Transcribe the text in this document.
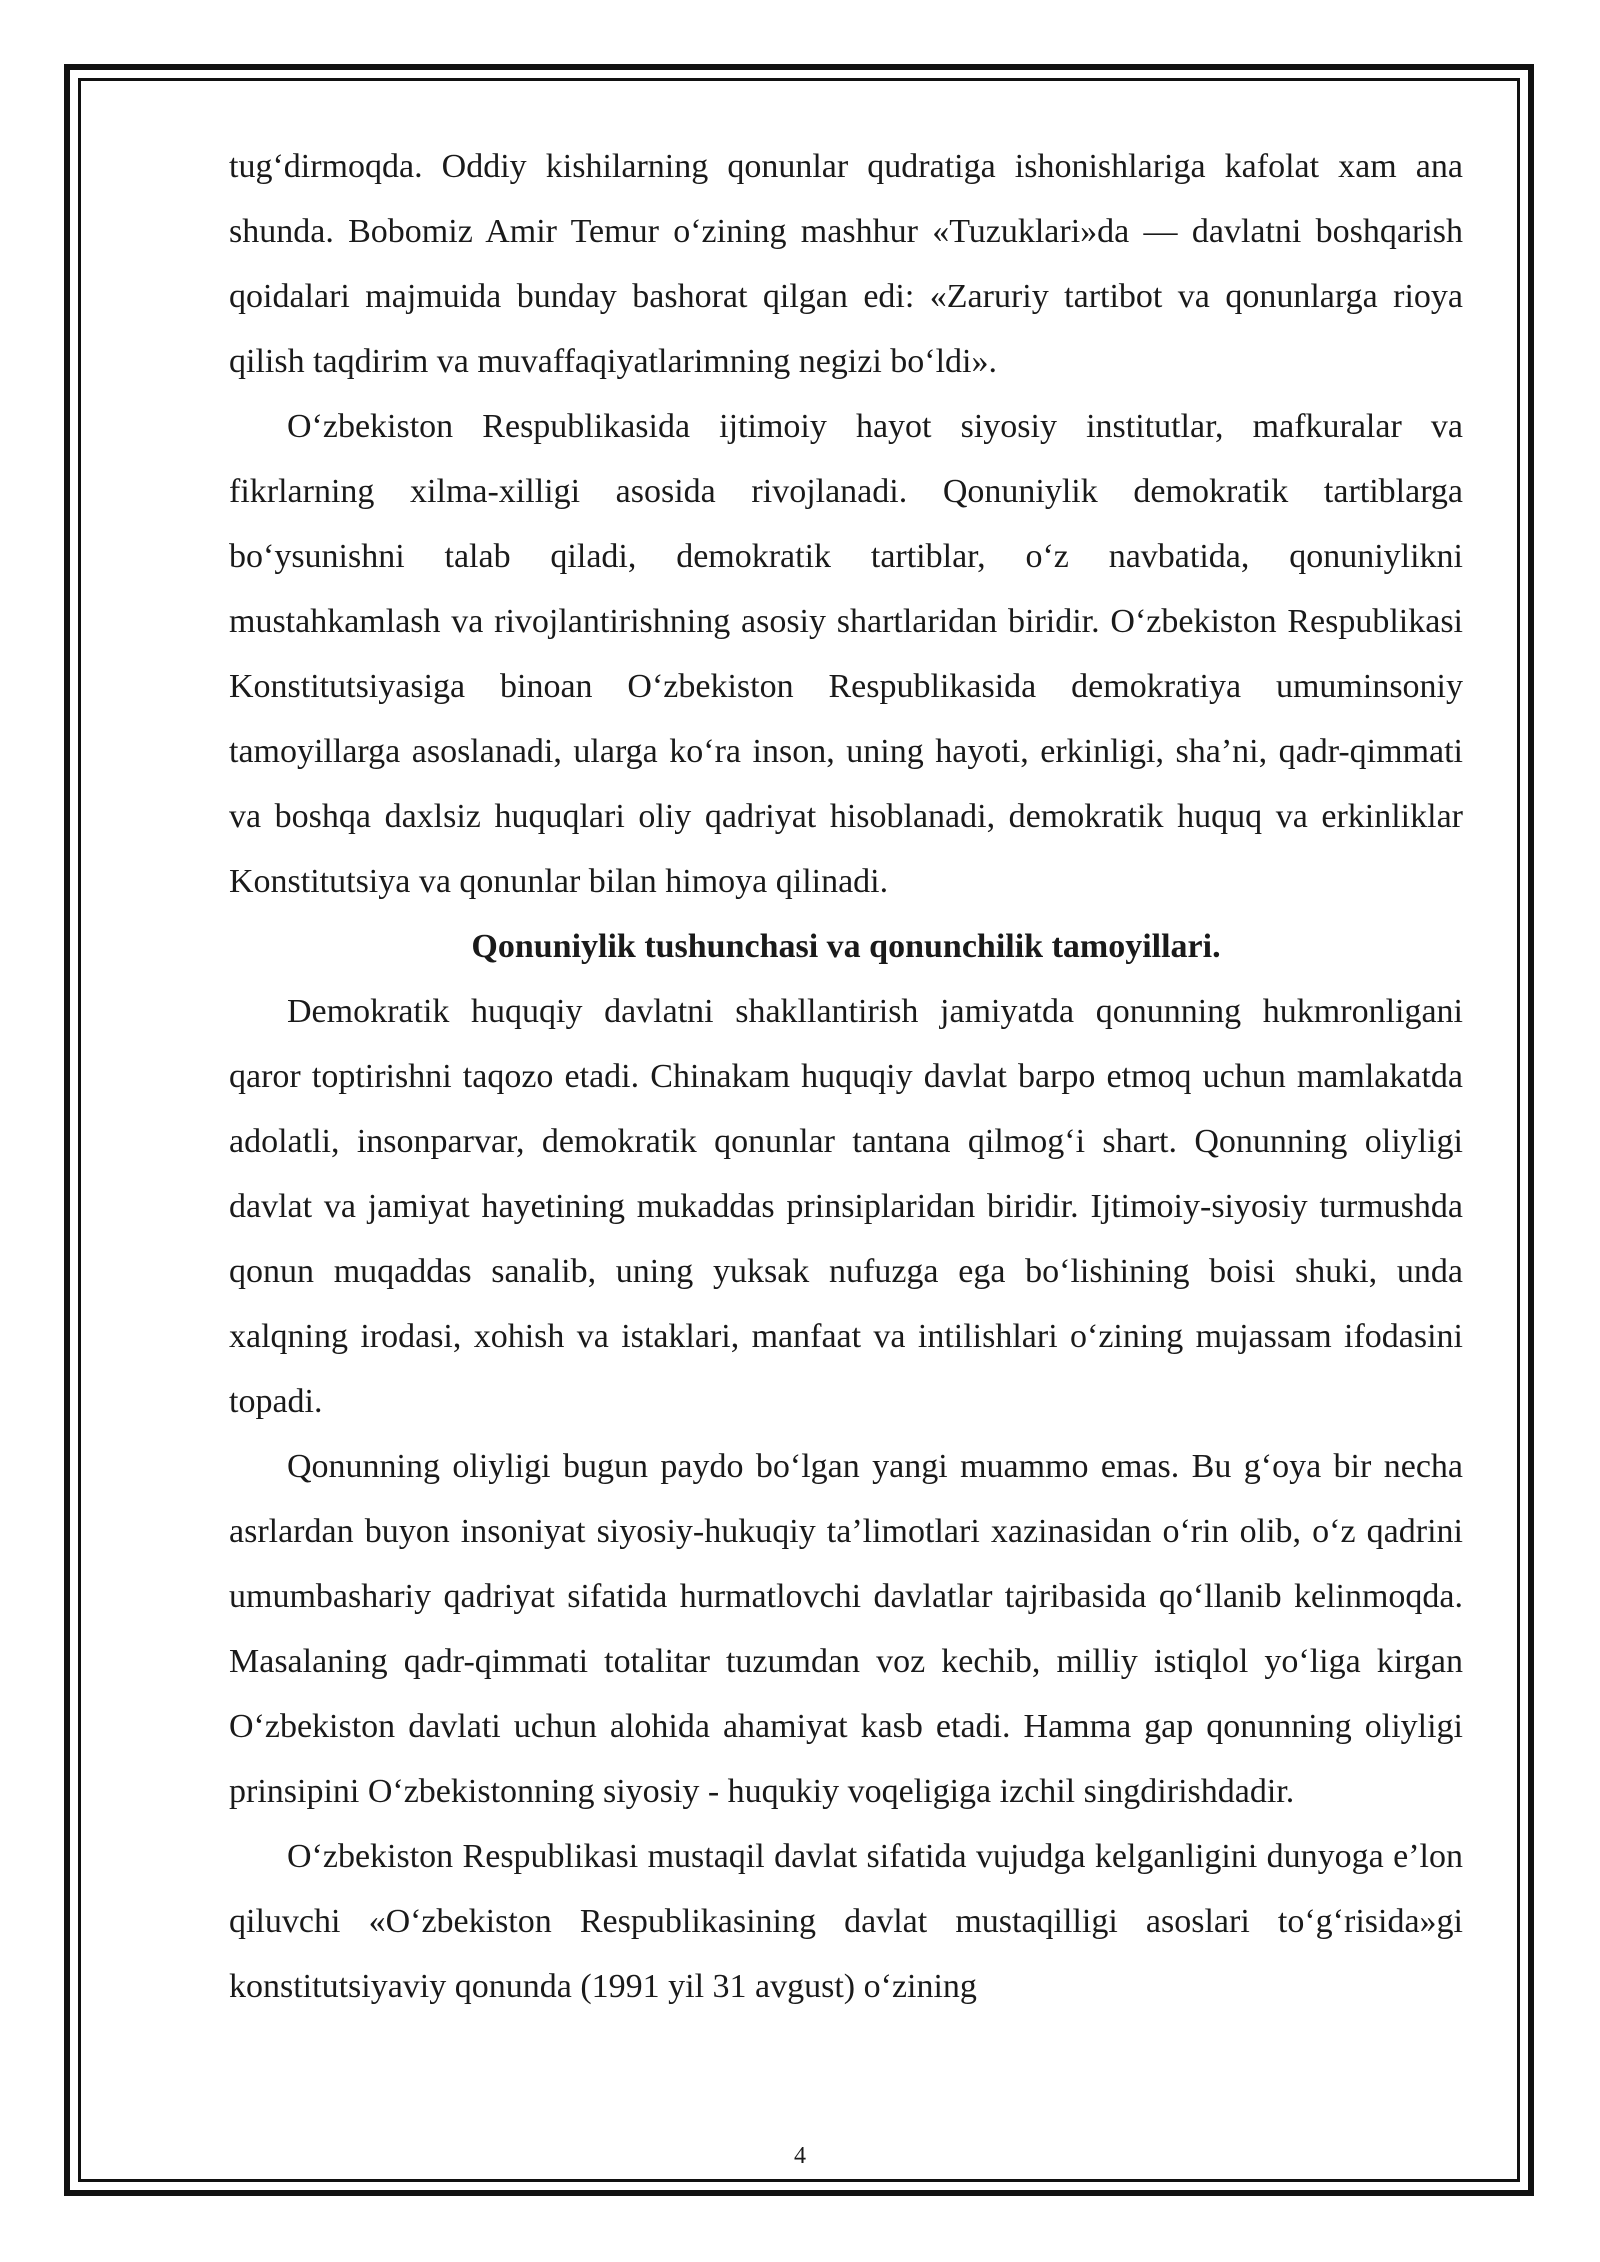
tug‘dirmoqda. Oddiy kishilarning qonunlar qudratiga ishonishlariga kafolat xam ana shunda. Bobomiz Amir Temur o‘zining mashhur «Tuzuklari»da — davlatni boshqarish qoidalari majmuida bunday bashorat qilgan edi: «Zaruriy tartibot va qonunlarga rioya qilish taqdirim va muvaffaqiyatlarimning negizi bo‘ldi».

O‘zbekiston Respublikasida ijtimoiy hayot siyosiy institutlar, mafkuralar va fikrlarning xilma-xilligi asosida rivojlanadi. Qonuniylik demokratik tartiblarga bo‘ysunishni talab qiladi, demokratik tartiblar, o‘z navbatida, qonuniylikni mustahkamlash va rivojlantirishning asosiy shartlaridan biridir. O‘zbekiston Respublikasi Konstitutsiyasiga binoan O‘zbekiston Respublikasida demokratiya umuminsoniy tamoyillarga asoslanadi, ularga ko‘ra inson, uning hayoti, erkinligi, sha’ni, qadr-qimmati va boshqa daxlsiz huquqlari oliy qadriyat hisoblanadi, demokratik huquq va erkinliklar Konstitutsiya va qonunlar bilan himoya qilinadi.

Qonuniylik tushunchasi va qonunchilik tamoyillari.

Demokratik huquqiy davlatni shakllantirish jamiyatda qonunning hukmronligani qaror toptirishni taqozo etadi. Chinakam huquqiy davlat barpo etmoq uchun mamlakatda adolatli, insonparvar, demokratik qonunlar tantana qilmog‘i shart. Qonunning oliyligi davlat va jamiyat hayetining mukaddas prinsiplaridan biridir. Ijtimoiy-siyosiy turmushda qonun muqaddas sanalib, uning yuksak nufuzga ega bo‘lishining boisi shuki, unda xalqning irodasi, xohish va istaklari, manfaat va intilishlari o‘zining mujassam ifodasini topadi.

Qonunning oliyligi bugun paydo bo‘lgan yangi muammo emas. Bu g‘oya bir necha asrlardan buyon insoniyat siyosiy-hukuqiy ta’limotlari xazinasidan o‘rin olib, o‘z qadrini umumbashariy qadriyat sifatida hurmatlovchi davlatlar tajribasida qo‘llanib kelinmoqda. Masalaning qadr-qimmati totalitar tuzumdan voz kechib, milliy istiqlol yo‘liga kirgan O‘zbekiston davlati uchun alohida ahamiyat kasb etadi. Hamma gap qonunning oliyligi prinsipini O‘zbekistonning siyosiy - huqukiy voqeligiga izchil singdirishdadir.

O‘zbekiston Respublikasi mustaqil davlat sifatida vujudga kelganligini dunyoga e’lon qiluvchi «O‘zbekiston Respublikasining davlat mustaqilligi asoslari to‘g‘risida»gi konstitutsiyaviy qonunda (1991 yil 31 avgust) o‘zining

4
